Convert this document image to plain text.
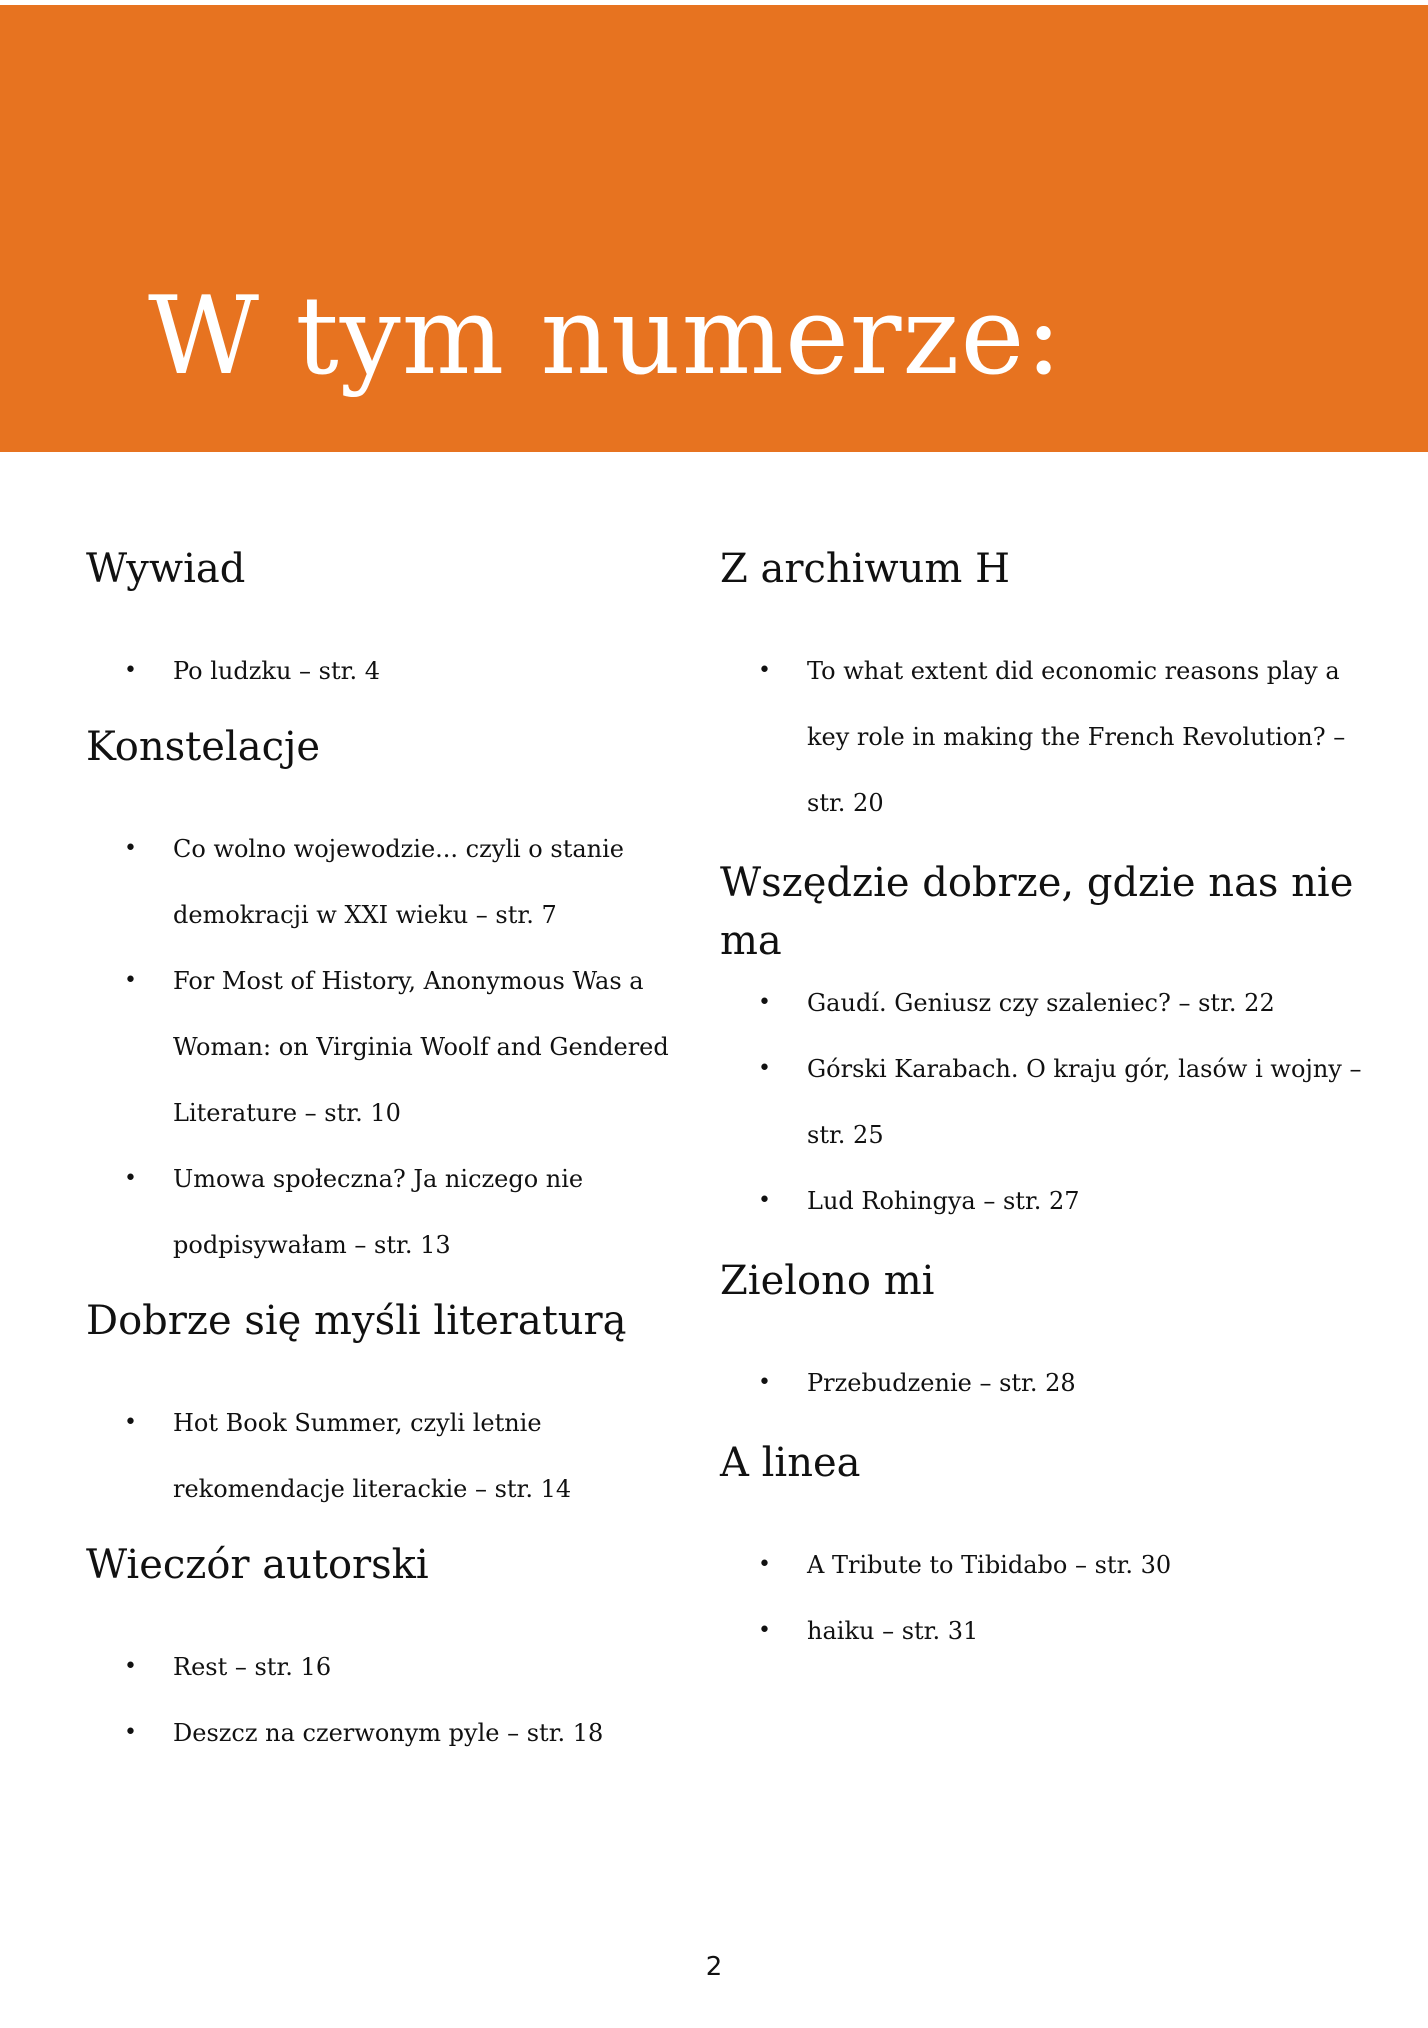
W tym numerze:
Wywiad
• Po ludzku – str. 4
Konstelacje
• Co wolno wojewodzie... czyli o stanie demokracji w XXI wieku – str. 7
• For Most of History, Anonymous Was a Woman: on Virginia Woolf and Gendered Literature – str. 10
• Umowa społeczna? Ja niczego nie podpisywałam – str. 13
Dobrze się myśli literaturą
• Hot Book Summer, czyli letnie rekomendacje literackie – str. 14
Wieczór autorski
• Rest – str. 16
• Deszcz na czerwonym pyle – str. 18
Z archiwum H
• To what extent did economic reasons play a key role in making the French Revolution? – str. 20
Wszędzie dobrze, gdzie nas nie ma
• Gaudí. Geniusz czy szaleniec? – str. 22
• Górski Karabach. O kraju gór, lasów i wojny – str. 25
• Lud Rohingya – str. 27
Zielono mi
• Przebudzenie – str. 28
A linea
• A Tribute to Tibidabo – str. 30
• haiku – str. 31
2
